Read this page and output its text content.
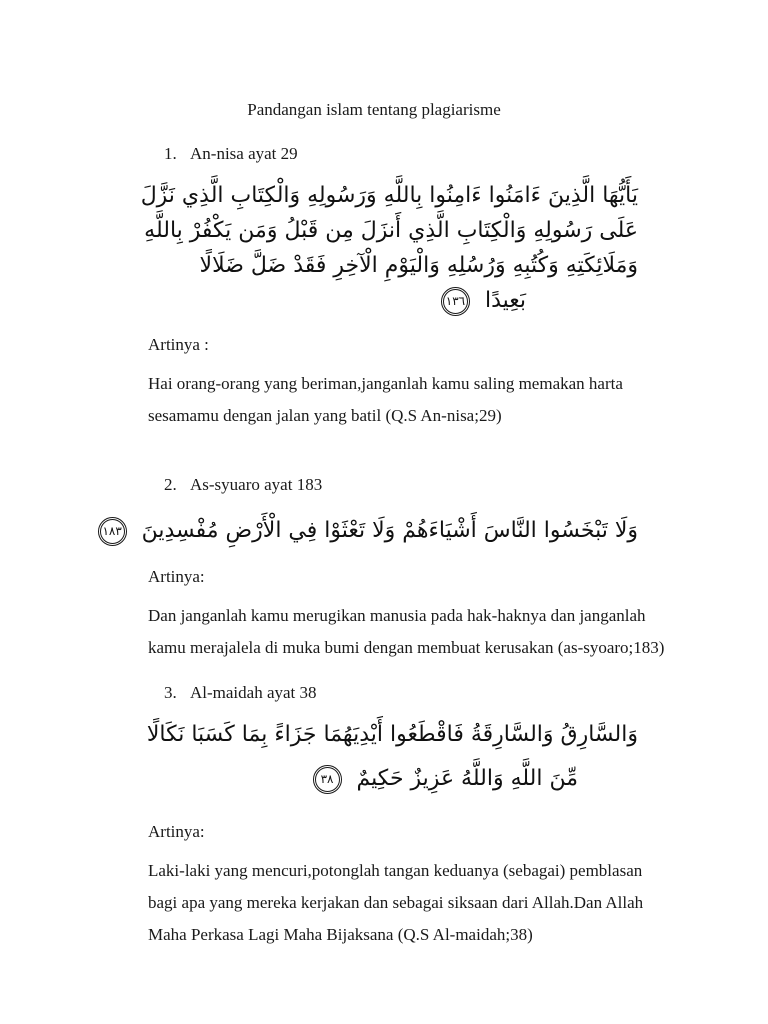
Pandangan islam tentang plagiarisme
1. An-nisa ayat 29
يَأَيُّهَا الَّذِينَ ءَامَنُوا ءَامِنُوا بِاللَّهِ وَرَسُولِهِ وَالْكِتَابِ الَّذِي نَزَّلَ
عَلَى رَسُولِهِ وَالْكِتَابِ الَّذِي أَنزَلَ مِن قَبْلُ وَمَن يَكْفُرْ بِاللَّهِ
وَمَلَائِكَتِهِ وَكُتُبِهِ وَرُسُلِهِ وَالْيَوْمِ الْآخِرِ فَقَدْ ضَلَّ ضَلَالًا
بَعِيدًا ١٣٦
Artinya :
Hai orang-orang yang beriman,janganlah kamu saling memakan harta
sesamamu dengan jalan yang batil (Q.S An-nisa;29)
2. As-syuaro ayat 183
وَلَا تَبْخَسُوا النَّاسَ أَشْيَاءَهُمْ وَلَا تَعْثَوْا فِي الْأَرْضِ مُفْسِدِينَ ١٨٣
Artinya:
Dan janganlah kamu merugikan manusia pada hak-haknya dan janganlah
kamu merajalela di muka bumi dengan membuat kerusakan (as-syoaro;183)
3. Al-maidah ayat 38
وَالسَّارِقُ وَالسَّارِقَةُ فَاقْطَعُوا أَيْدِيَهُمَا جَزَاءً بِمَا كَسَبَا نَكَالًا
مِّنَ اللَّهِ وَاللَّهُ عَزِيزٌ حَكِيمٌ ٣٨
Artinya:
Laki-laki yang mencuri,potonglah tangan keduanya (sebagai) pemblasan
bagi apa yang mereka kerjakan dan sebagai siksaan dari Allah.Dan Allah
Maha Perkasa Lagi Maha Bijaksana (Q.S Al-maidah;38)
